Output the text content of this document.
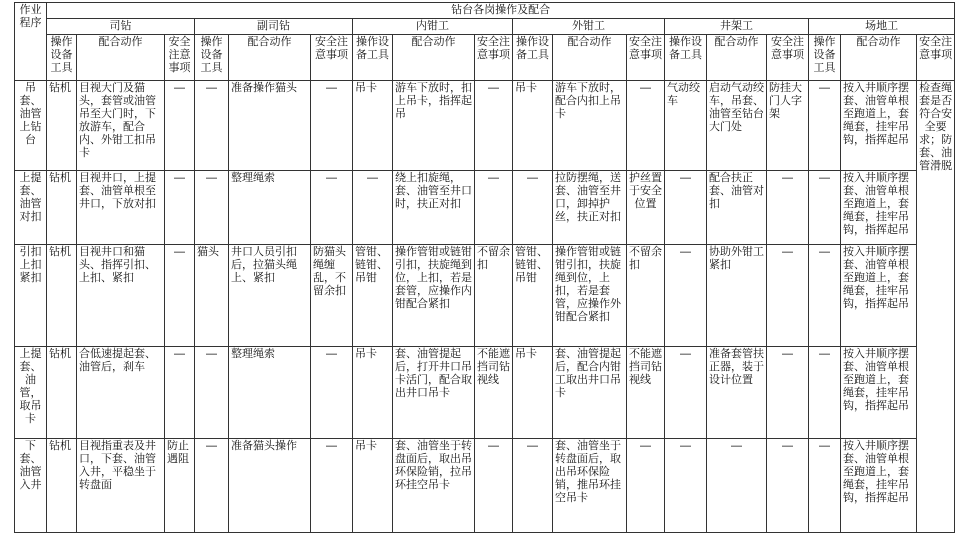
作业程序	钻台各岗操作及配合																	
	司钻			副司钻			内钳工			外钳工			井架工			场地工		
	操作设备工具	配合动作	安全注意事项	操作设备工具	配合动作	安全注意事项	操作设备工具	配合动作	安全注意事项	操作设备工具	配合动作	安全注意事项	操作设备工具	配合动作	安全注意事项	操作设备工具	配合动作	安全注意事项
吊套、油管上钻台	钻机	目视大门及猫头，套管或油管吊至大门时，下放游车，配合内、外钳工扣吊卡	—	—	准备操作猫头	—	吊卡	游车下放时，扣上吊卡，指挥起吊	—	吊卡	游车下放时，配合内扣上吊卡	—	气动绞车	启动气动绞车，吊套、油管至钻台大门处	防挂大门人字架	—	按入井顺序摆套、油管单根至跑道上，套绳套，挂牢吊钩，指挥起吊	检查绳套是否符合安全要求；防套、油管滑脱
上提套、油管对扣	钻机	目视井口，上提套、油管单根至井口，下放对扣	—	—	整理绳索	—	—	绕上扣旋绳，套、油管至井口时，扶正对扣	—	—	拉防摆绳，送套、油管至井口，卸掉护丝，扶正对扣	护丝置于安全位置	—	配合扶正套、油管对扣	—	—	按入井顺序摆套、油管单根至跑道上，套绳套，挂牢吊钩，指挥起吊	
引扣上扣紧扣	钻机	目视井口和猫头、指挥引扣、上扣、紧扣	—	猫头	井口人员引扣后，拉猫头绳上、紧扣	防猫头绳缠乱，不留余扣	管钳、链钳、吊钳	操作管钳或链钳引扣，扶旋绳到位，上扣，若是套管，应操作内钳配合紧扣	不留余扣	管钳、链钳、吊钳	操作管钳或链钳引扣，扶旋绳到位，上扣，若是套管，应操作外钳配合紧扣	不留余扣	—	协助外钳工紧扣	—	—	按入井顺序摆套、油管单根至跑道上，套绳套，挂牢吊钩，指挥起吊	
上提套、油管，取吊卡	钻机	合低速提起套、油管后，刹车	—	—	整理绳索	—	吊卡	套、油管提起后，打开井口吊卡活门，配合取出井口吊卡	不能遮挡司钻视线	吊卡	套、油管提起后，配合内钳工取出井口吊卡	不能遮挡司钻视线	—	准备套管扶正器，装于设计位置	—	—	按入井顺序摆套、油管单根至跑道上，套绳套，挂牢吊钩，指挥起吊	
下套、油管入井	钻机	目视指重表及井口，下套、油管入井，平稳坐于转盘面	防止遇阻	—	准备猫头操作	—	吊卡	套、油管坐于转盘面后，取出吊环保险销，拉吊环挂空吊卡	—	—	套、油管坐于转盘面后，取出吊环保险销，推吊环挂空吊卡	—	—	—	—	—	按入井顺序摆套、油管单根至跑道上，套绳套，挂牢吊钩，指挥起吊	
